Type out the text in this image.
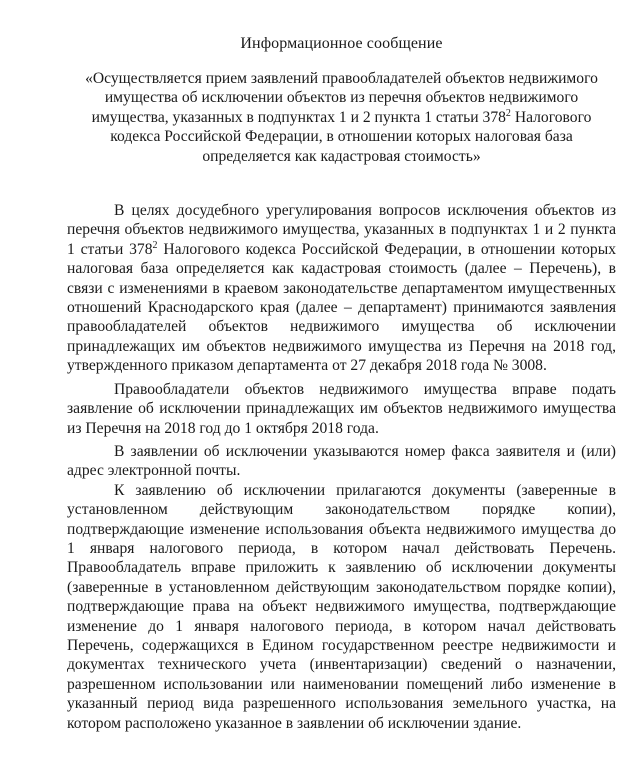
Информационное сообщение
«Осуществляется прием заявлений правообладателей объектов недвижимого имущества об исключении объектов из перечня объектов недвижимого имущества, указанных в подпунктах 1 и 2 пункта 1 статьи $378^2$ Налогового кодекса Российской Федерации, в отношении которых налоговая база определяется как кадастровая стоимость»

В целях досудебного урегулирования вопросов исключения объектов из перечня объектов недвижимого имущества, указанных в подпунктах 1 и 2 пункта 1 статьи $378^2$ Налогового кодекса Российской Федерации, в отношении которых налоговая база определяется как кадастровая стоимость (далее – Перечень), в связи с изменениями в краевом законодательстве департаментом имущественных отношений Краснодарского края (далее – департамент) принимаются заявления правообладателей объектов недвижимого имущества об исключении принадлежащих им объектов недвижимого имущества из Перечня на 2018 год, утвержденного приказом департамента от 27 декабря 2018 года № 3008.

Правообладатели объектов недвижимого имущества вправе подать заявление об исключении принадлежащих им объектов недвижимого имущества из Перечня на 2018 год до 1 октября 2018 года.

В заявлении об исключении указываются номер факса заявителя и (или) адрес электронной почты.

К заявлению об исключении прилагаются документы (заверенные в установленном действующим законодательством порядке копии), подтверждающие изменение использования объекта недвижимого имущества до 1 января налогового периода, в котором начал действовать Перечень. Правообладатель вправе приложить к заявлению об исключении документы (заверенные в установленном действующим законодательством порядке копии), подтверждающие права на объект недвижимого имущества, подтверждающие изменение до 1 января налогового периода, в котором начал действовать Перечень, содержащихся в Едином государственном реестре недвижимости и документах технического учета (инвентаризации) сведений о назначении, разрешенном использовании или наименовании помещений либо изменение в указанный период вида разрешенного использования земельного участка, на котором расположено указанное в заявлении об исключении здание.
